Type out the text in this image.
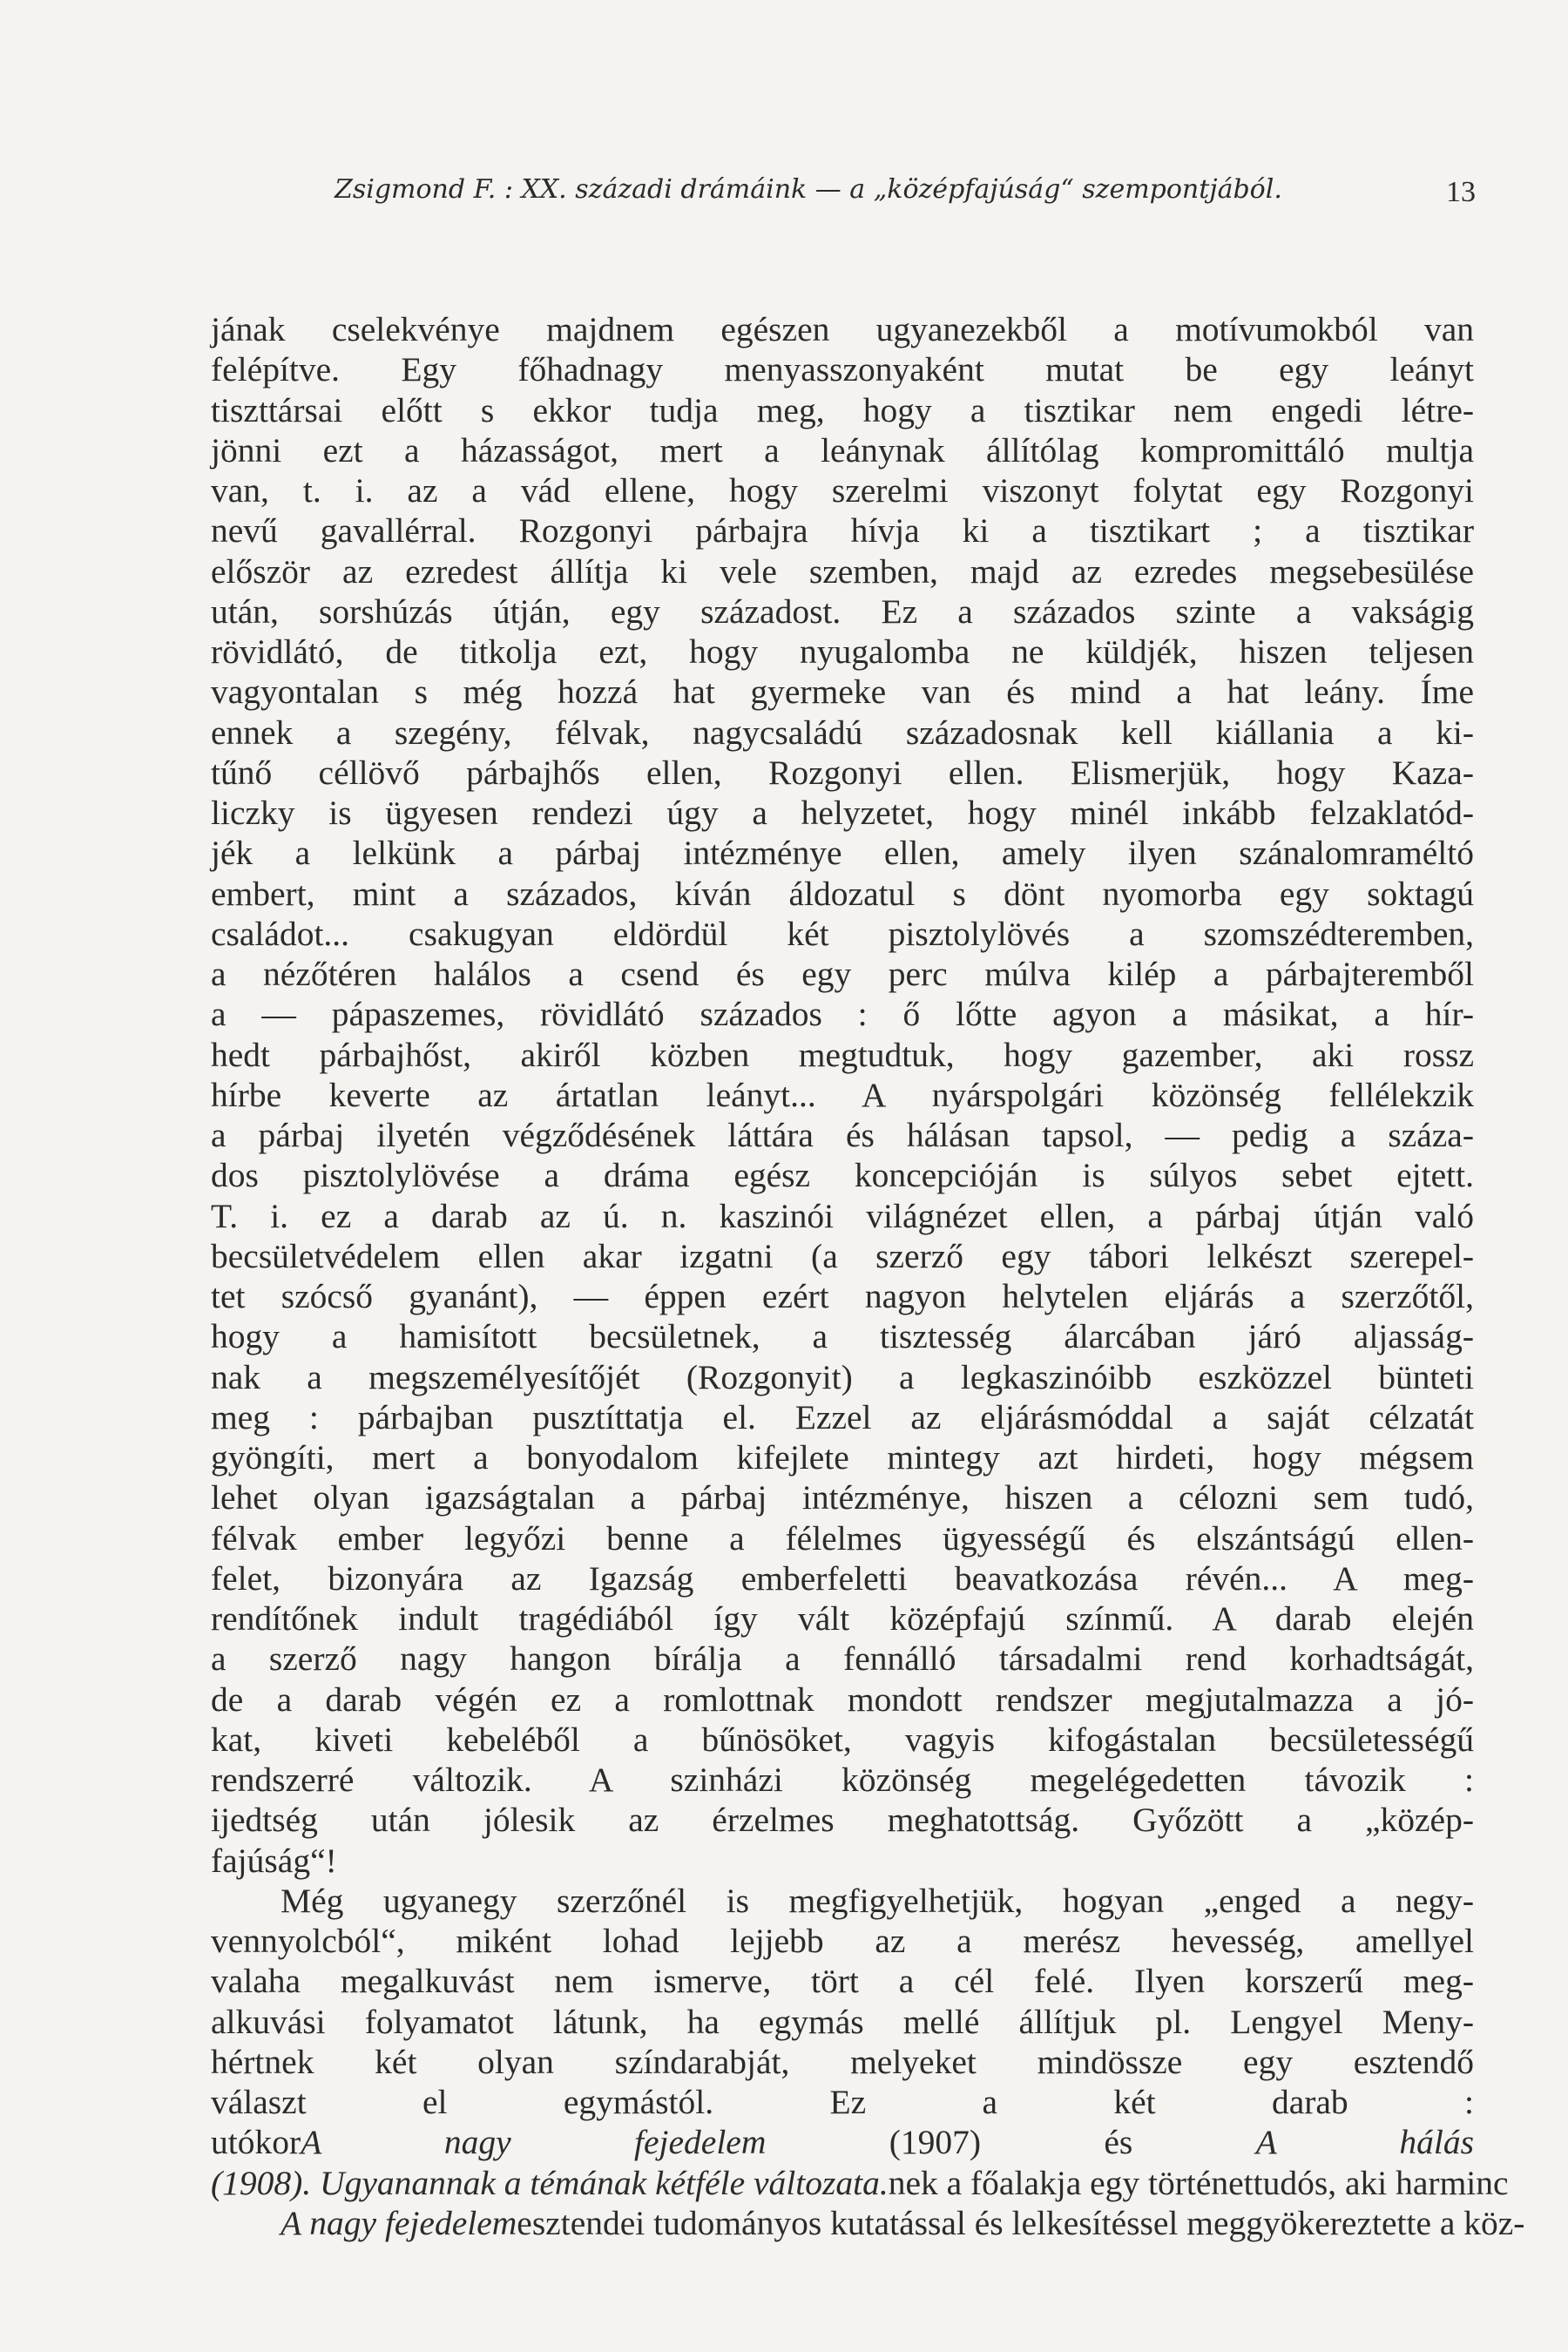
Zsigmond F. : XX. századi drámáink — a „középfajúság“ szempontjából.	13
jának cselekvénye majdnem egészen ugyanezekből a motívumokból van
felépítve. Egy főhadnagy menyasszonyaként mutat be egy leányt
tiszttársai előtt s ekkor tudja meg, hogy a tisztikar nem engedi létre-
jönni ezt a házasságot, mert a leánynak állítólag kompromittáló multja
van, t. i. az a vád ellene, hogy szerelmi viszonyt folytat egy Rozgonyi
nevű gavallérral. Rozgonyi párbajra hívja ki a tisztikart ; a tisztikar
először az ezredest állítja ki vele szemben, majd az ezredes megsebesülése
után, sorshúzás útján, egy századost. Ez a százados szinte a vakságig
rövidlátó, de titkolja ezt, hogy nyugalomba ne küldjék, hiszen teljesen
vagyontalan s még hozzá hat gyermeke van és mind a hat leány. Íme
ennek a szegény, félvak, nagycsaládú századosnak kell kiállania a ki-
tűnő céllövő párbajhős ellen, Rozgonyi ellen. Elismerjük, hogy Kaza-
liczky is ügyesen rendezi úgy a helyzetet, hogy minél inkább felzaklatód-
jék a lelkünk a párbaj intézménye ellen, amely ilyen szánalomraméltó
embert, mint a százados, kíván áldozatul s dönt nyomorba egy soktagú
családot... csakugyan eldördül két pisztolylövés a szomszédteremben,
a nézőtéren halálos a csend és egy perc múlva kilép a párbajteremből
a — pápaszemes, rövidlátó százados : ő lőtte agyon a másikat, a hír-
hedt párbajhőst, akiről közben megtudtuk, hogy gazember, aki rossz
hírbe keverte az ártatlan leányt... A nyárspolgári közönség fellélekzik
a párbaj ilyetén végződésének láttára és hálásan tapsol, — pedig a száza-
dos pisztolylövése a dráma egész koncepcióján is súlyos sebet ejtett.
T. i. ez a darab az ú. n. kaszinói világnézet ellen, a párbaj útján való
becsületvédelem ellen akar izgatni (a szerző egy tábori lelkészt szerepel-
tet szócső gyanánt), — éppen ezért nagyon helytelen eljárás a szerzőtől,
hogy a hamisított becsületnek, a tisztesség álarcában járó aljasság-
nak a megszemélyesítőjét (Rozgonyit) a legkaszinóibb eszközzel bünteti
meg : párbajban pusztíttatja el. Ezzel az eljárásmóddal a saját célzatát
gyöngíti, mert a bonyodalom kifejlete mintegy azt hirdeti, hogy mégsem
lehet olyan igazságtalan a párbaj intézménye, hiszen a célozni sem tudó,
félvak ember legyőzi benne a félelmes ügyességű és elszántságú ellen-
felet, bizonyára az Igazság emberfeletti beavatkozása révén... A meg-
rendítőnek indult tragédiából így vált középfajú színmű. A darab elején
a szerző nagy hangon bírálja a fennálló társadalmi rend korhadtságát,
de a darab végén ez a romlottnak mondott rendszer megjutalmazza a jó-
kat, kiveti kebeléből a bűnösöket, vagyis kifogástalan becsületességű
rendszerré változik. A szinházi közönség megelégedetten távozik :
ijedtség után jólesik az érzelmes meghatottság. Győzött a „közép-
fajúság“!
Még ugyanegy szerzőnél is megfigyelhetjük, hogyan „enged a negy-
vennyolcból“, miként lohad lejjebb az a merész hevesség, amellyel
valaha megalkuvást nem ismerve, tört a cél felé. Ilyen korszerű meg-
alkuvási folyamatot látunk, ha egymás mellé állítjuk pl. Lengyel Meny-
hértnek két olyan színdarabját, melyeket mindössze egy esztendő
választ el egymástól. Ez a két darab :
utókorA nagy fejedelem (1907) és A hálás
(1908). Ugyanannak a témának kétféle változata.nek a főalakja egy történettudós, aki harminc
A nagy fejedelemesztendei tudományos kutatással és lelkesítéssel meggyökereztette a köz-
